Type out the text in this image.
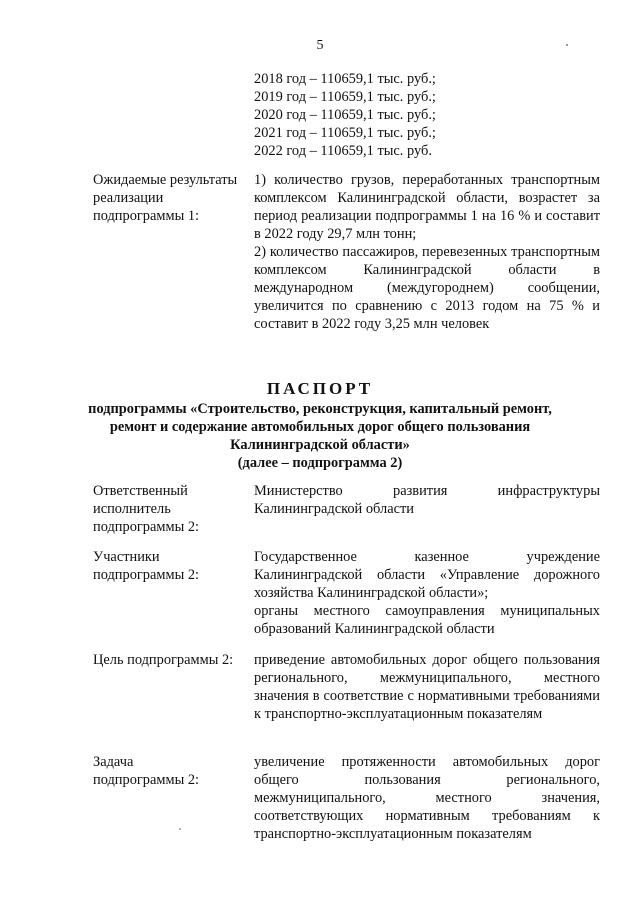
5
2018 год – 110659,1 тыс. руб.;
2019 год – 110659,1 тыс. руб.;
2020 год – 110659,1 тыс. руб.;
2021 год – 110659,1 тыс. руб.;
2022 год – 110659,1 тыс. руб.
Ожидаемые результаты реализации подпрограммы 1:

1) количество грузов, переработанных транспортным комплексом Калининградской области, возрастет за период реализации подпрограммы 1 на 16 % и составит в 2022 году 29,7 млн тонн;

2) количество пассажиров, перевезенных транспортным комплексом Калининградской области в международном (междугороднем) сообщении, увеличится по сравнению с 2013 годом на 75 % и составит в 2022 году 3,25 млн человек

ПАСПОРТ
подпрограммы «Строительство, реконструкция, капитальный ремонт,
ремонт и содержание автомобильных дорог общего пользования
Калининградской области»
(далее – подпрограмма 2)
Ответственный исполнитель подпрограммы 2:

Министерство развития инфраструктуры Калининградской области

Участники подпрограммы 2:

Государственное казенное учреждение Калининградской области «Управление дорожного хозяйства Калининградской области»;

органы местного самоуправления муниципальных образований Калининградской области

Цель подпрограммы 2:	приведение автомобильных дорог общего пользования регионального, межмуниципального, местного значения в соответствие с нормативными требованиями к транспортно-эксплуатационным показателям

Задача подпрограммы 2:

увеличение протяженности автомобильных дорог общего пользования регионального, межмуниципального, местного значения, соответствующих нормативным требованиям к транспортно-эксплуатационным показателям
